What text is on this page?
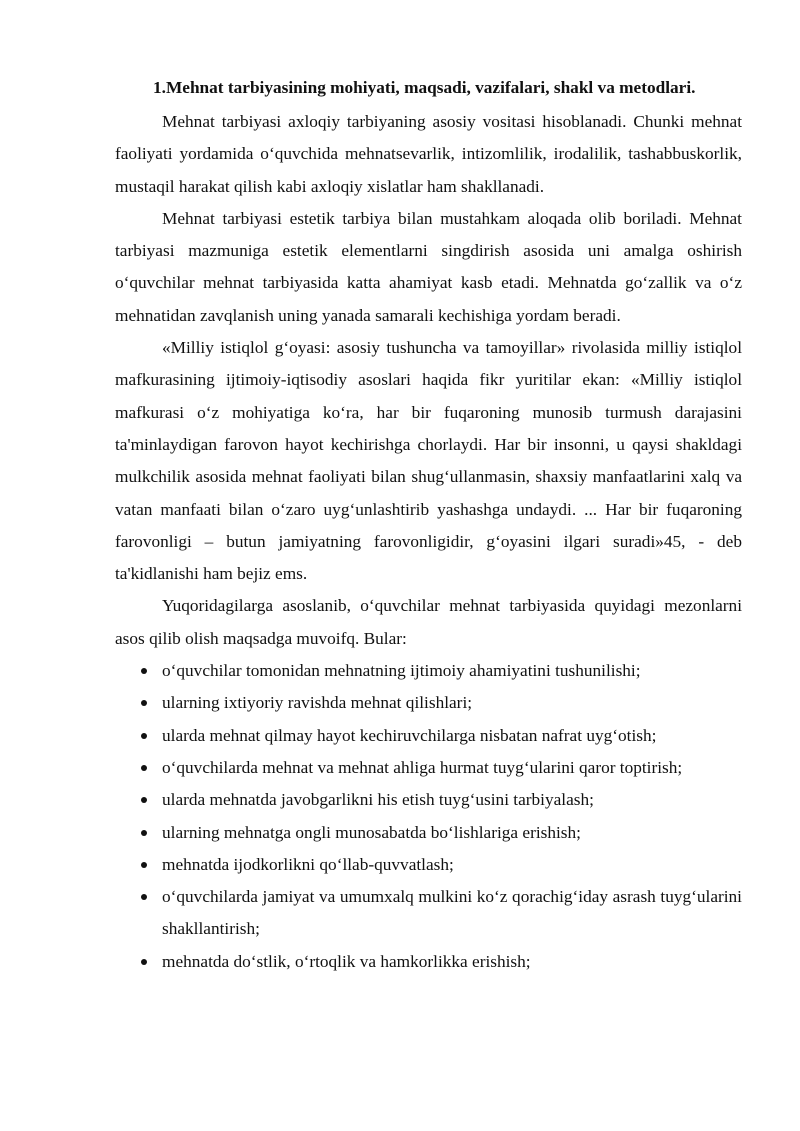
1.Mehnat tarbiyasining mohiyati, maqsadi, vazifalari, shakl va metodlari.

Mehnat tarbiyasi axloqiy tarbiyaning asosiy vositasi hisoblanadi. Chunki mehnat faoliyati yordamida oʻquvchida mehnatsevarlik, intizomlilik, irodalilik, tashabbuskorlik, mustaqil harakat qilish kabi axloqiy xislatlar ham shakllanadi.

Mehnat tarbiyasi estetik tarbiya bilan mustahkam aloqada olib boriladi. Mehnat tarbiyasi mazmuniga estetik elementlarni singdirish asosida uni amalga oshirish oʻquvchilar mehnat tarbiyasida katta ahamiyat kasb etadi. Mehnatda goʻzallik va oʻz mehnatidan zavqlanish uning yanada samarali kechishiga yordam beradi.

«Milliy istiqlol gʻoyasi: asosiy tushuncha va tamoyillar» rivolasida milliy istiqlol mafkurasining ijtimoiy-iqtisodiy asoslari haqida fikr yuritilar ekan: «Milliy istiqlol mafkurasi oʻz mohiyatiga koʻra, har bir fuqaroning munosib turmush darajasini ta'minlaydigan farovon hayot kechirishga chorlaydi. Har bir insonni, u qaysi shakldagi mulkchilik asosida mehnat faoliyati bilan shugʻullanmasin, shaxsiy manfaatlarini xalq va vatan manfaati bilan oʻzaro uygʻunlashtirib yashashga undaydi. ... Har bir fuqaroning farovonligi – butun jamiyatning farovonligidir, gʻoyasini ilgari suradi»45, - deb ta'kidlanishi ham bejiz ems.

Yuqoridagilarga asoslanib, oʻquvchilar mehnat tarbiyasida quyidagi mezonlarni asos qilib olish maqsadga muvoifq. Bular:

oʻquvchilar tomonidan mehnatning ijtimoiy ahamiyatini tushunilishi;
ularning ixtiyoriy ravishda mehnat qilishlari;
ularda mehnat qilmay hayot kechiruvchilarga nisbatan nafrat uygʻotish;
oʻquvchilarda mehnat va mehnat ahliga hurmat tuygʻularini qaror toptirish;
ularda mehnatda javobgarlikni his etish tuygʻusini tarbiyalash;
ularning mehnatga ongli munosabatda boʻlishlariga erishish;
mehnatda ijodkorlikni qoʻllab-quvvatlash;
oʻquvchilarda jamiyat va umumxalq mulkini koʻz qorachigʻiday asrash tuygʻularini shakllantirish;
mehnatda doʻstlik, oʻrtoqlik va hamkorlikka erishish;
